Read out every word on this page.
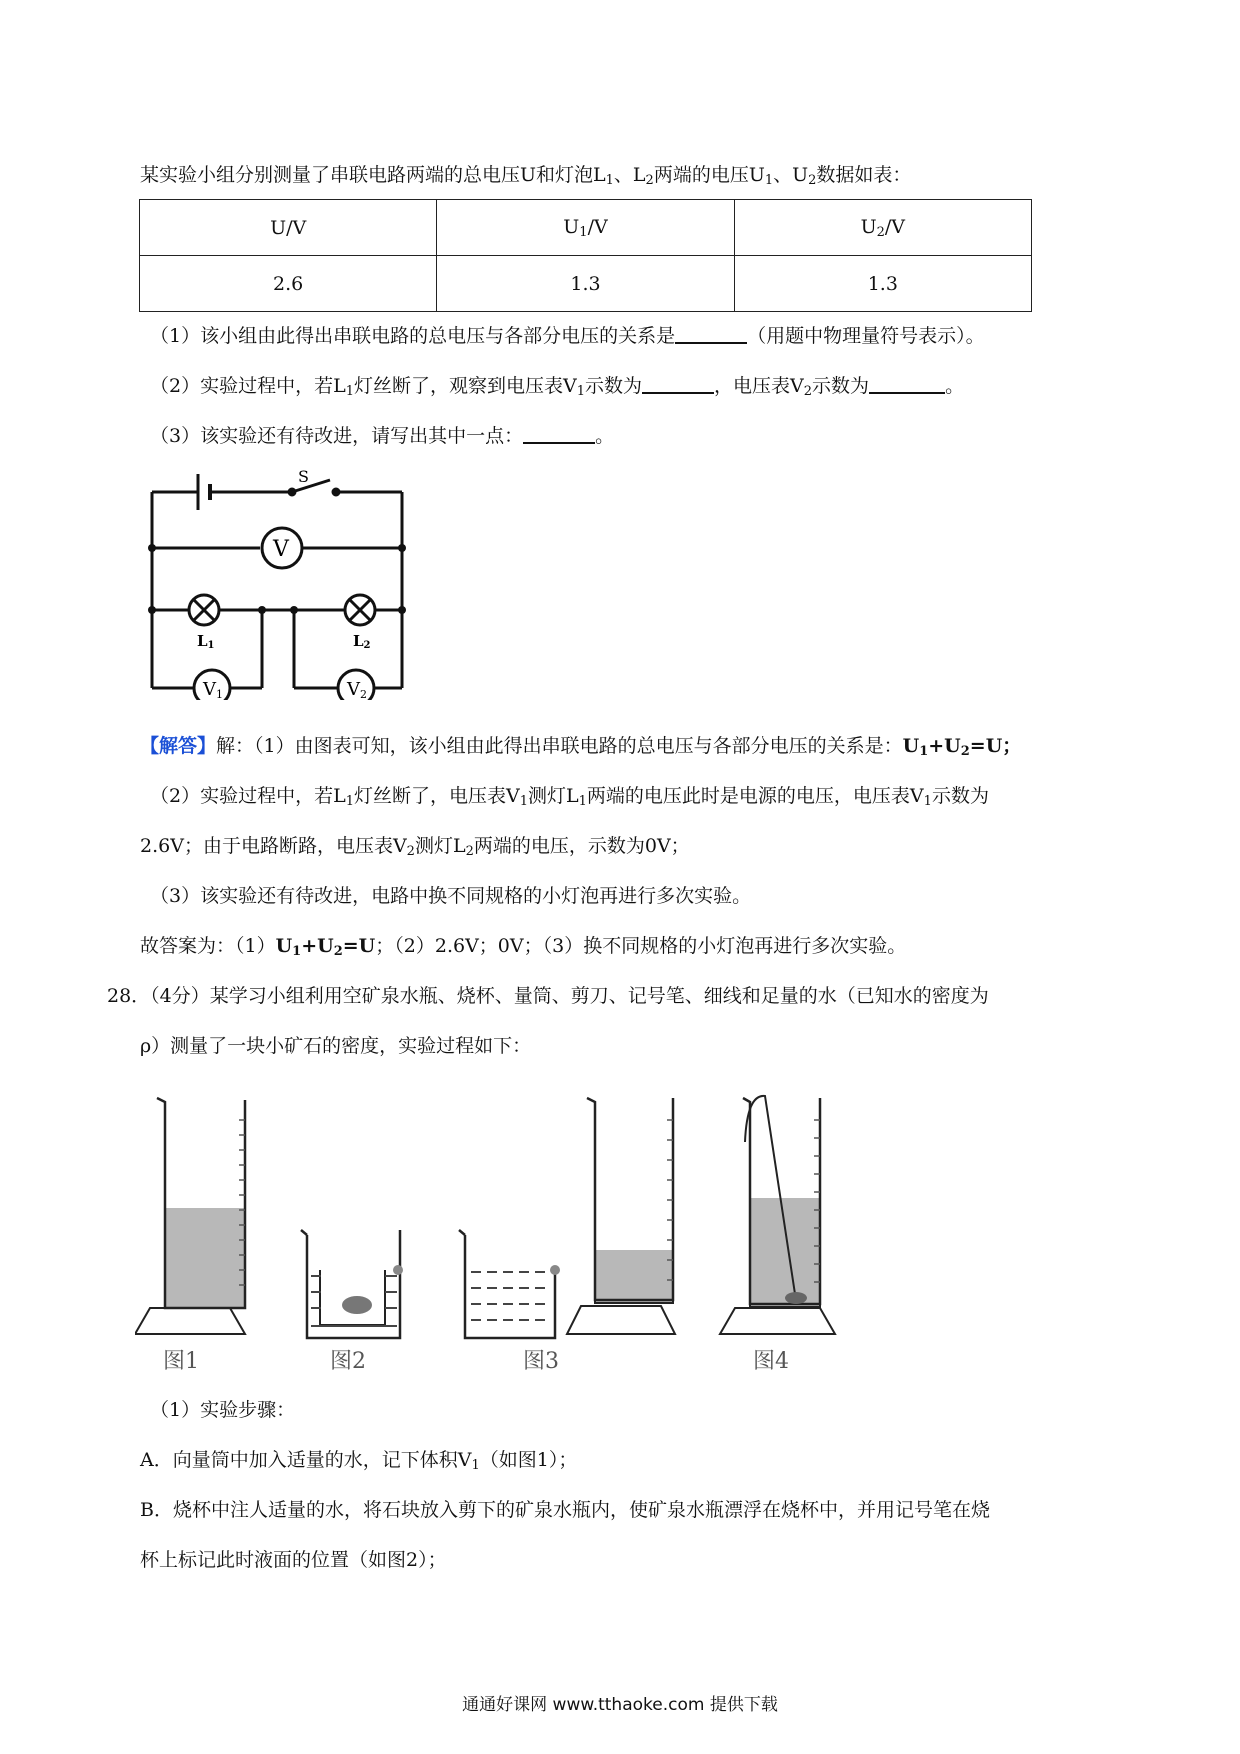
某实验小组分别测量了串联电路两端的总电压U和灯泡$L_1$、$L_2$两端的电压$U_1$、$U_2$数据如表：
U/V	$U_1/V$	$U_2/V$
2.6	1.3	1.3
（1）该小组由此得出串联电路的总电压与各部分电压的关系是	（用题中物理量符号表示）。
（2）实验过程中，若$L_1$灯丝断了，观察到电压表$V_1$示数为	，电压表$V_2$示数为	。
（3）该实验还有待改进，请写出其中一点：	。
S
V
V1	V2
L1	L2
【解答】解：（1）由图表可知，该小组由此得出串联电路的总电压与各部分电压的关系是：$U_1+U_2=U$；
（2）实验过程中，若$L_1$灯丝断了，电压表$V_1$测灯$L_1$两端的电压此时是电源的电压，电压表$V_1$示数为
2.6V；由于电路断路，电压表$V_2$测灯$L_2$两端的电压，示数为0V；
（3）该实验还有待改进，电路中换不同规格的小灯泡再进行多次实验。
故答案为：$(1)U_1+U_2=U$；（2）2.6V；0V；（3）换不同规格的小灯泡再进行多次实验。
28．（4分）某学习小组利用空矿泉水瓶、烧杯、量筒、剪刀、记号笔、细线和足量的水（已知水的密度为
ρ）测量了一块小矿石的密度，实验过程如下：
图1	图2	图3	图4
（1）实验步骤：
A．向量筒中加入适量的水，记下体积$V_1$（如图1）；
B．烧杯中注人适量的水，将石块放入剪下的矿泉水瓶内，使矿泉水瓶漂浮在烧杯中，并用记号笔在烧
杯上标记此时液面的位置（如图2）；
通通好课网 www.tthaoke.com 提供下载
